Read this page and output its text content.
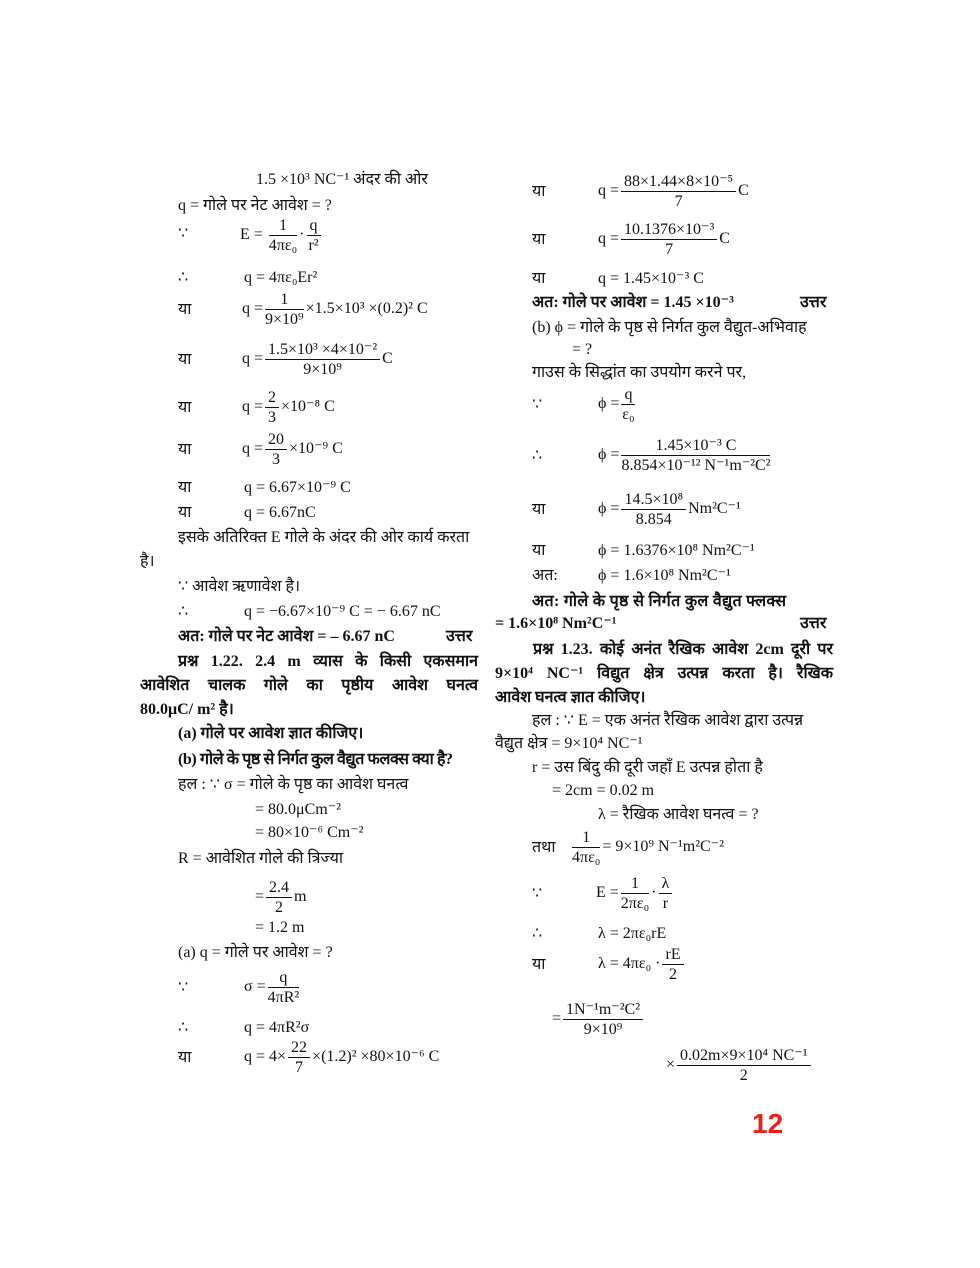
1.5 ×10³ NC⁻¹ अंदर की ओर
q = गोले पर नेट आवेश = ?
∵	$E = \frac{1}{\text{4πε₀}} \cdot \frac{q}{\text{r²}}$
∴	q = 4πε₀Er²
या	$q = \frac{1}{\text{9×10⁹}} \times 1.5\times 10^3 \times(0.2)^2$ C
या	$q = \frac{\text{1.5×10³ ×4×10⁻²}}{\text{9×10⁹}}$ C
या	$q = \frac{2}{3} \times 10^{-8}$ C
या	$q = \frac{20}{3} \times 10^{-9}$ C
या	q = 6.67×10⁻⁹ C
या	q = 6.67nC
इसके अतिरिक्त E गोले के अंदर की ओर कार्य करता
है।
∵ आवेश ऋणावेश है।
∴	q = −6.67×10⁻⁹ C = − 6.67 nC
अत: गोले पर नेट आवेश = – 6.67 nC	उत्तर
प्रश्न 1.22. 2.4 m व्यास के किसी एकसमान
आवेशित चालक गोले का पृष्ठीय आवेश घनत्व
80.0μC/ m² है।
(a) गोले पर आवेश ज्ञात कीजिए।
(b) गोले के पृष्ठ से निर्गत कुल वैद्युत फलक्स क्या है?
हल : ∵ σ = गोले के पृष्ठ का आवेश घनत्व
= 80.0μCm⁻²
= 80×10⁻⁶ Cm⁻²
R = आवेशित गोले की त्रिज्या
= $\frac{2.4}{2}$ m
= 1.2 m
(a) q = गोले पर आवेश = ?
∵	$\sigma = \frac{q}{\text{4πR²}}$
∴	q = 4πR²σ
या	$q = 4\times \frac{22}{7} \times(1.2)^2 \times 80\times 10^{-6}$ C
या	$q = \frac{\text{88×1.44×8×10⁻⁵}}{7}$ C
या	$q = \frac{\text{10.1376×10⁻³}}{7}$ C
या	q = 1.45×10⁻³ C
अत: गोले पर आवेश = 1.45 ×10⁻³	उत्तर
(b) ϕ = गोले के पृष्ठ से निर्गत कुल वैद्युत-अभिवाह
= ?
गाउस के सिद्धांत का उपयोग करने पर,
∵	$\phi = \frac{q}{\text{ε₀}}$
∴	$\phi = \frac{\text{1.45×10⁻³ C}}{\text{8.854×10⁻¹² N⁻¹m⁻²C²}}$
या	$\phi = \frac{\text{14.5×10⁸}}{8.854} Nm^2C^{-1}$
या	ϕ = 1.6376×10⁸ Nm²C⁻¹
अत:	ϕ = 1.6×10⁸ Nm²C⁻¹
अत: गोले के पृष्ठ से निर्गत कुल वैद्युत फ्लक्स
= 1.6×10⁸ Nm²C⁻¹	उत्तर
प्रश्न 1.23. कोई अनंत रैखिक आवेश 2cm दूरी पर
9×10⁴ NC⁻¹ विद्युत क्षेत्र उत्पन्न करता है। रैखिक
आवेश घनत्व ज्ञात कीजिए।
हल : ∵ E = एक अनंत रैखिक आवेश द्वारा उत्पन्न
वैद्युत क्षेत्र = 9×10⁴ NC⁻¹
r = उस बिंदु की दूरी जहाँ E उत्पन्न होता है
= 2cm = 0.02 m
λ = रैखिक आवेश घनत्व = ?
तथा $\frac{1}{\text{4πε₀}} = 9\times 10^9$ N⁻¹m²C⁻²
∵	$E = \frac{1}{\text{2πε₀}} \cdot \frac{\lambda}{r}$
∴	λ = 2πε₀rE
या	$\lambda = 4\pi\varepsilon_0 \cdot \frac{rE}{2}$
= $\frac{\text{1N⁻¹m⁻²C²}}{\text{9×10⁹}}$
× $\frac{\text{0.02m×9×10⁴ NC⁻¹}}{2}$
12
